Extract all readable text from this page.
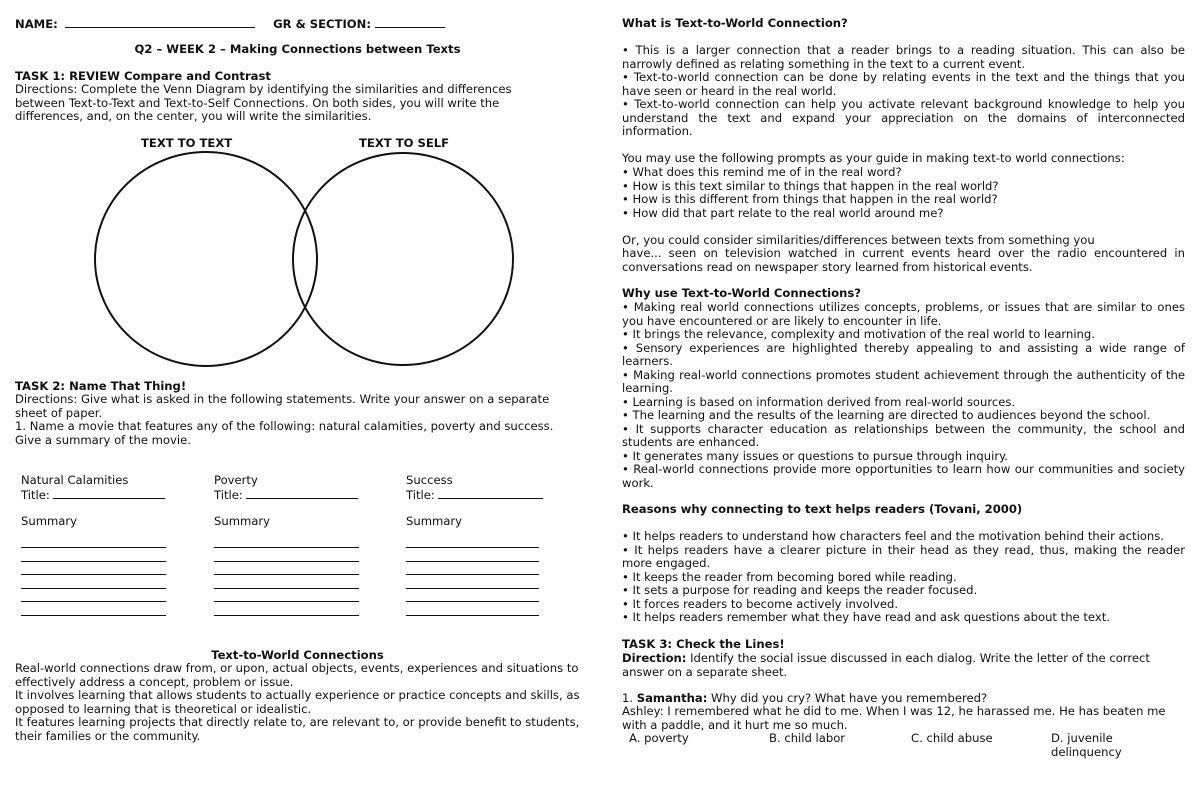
NAME:	GR & SECTION:
Q2 – WEEK 2 – Making Connections between Texts
TASK 1: REVIEW Compare and Contrast
Directions: Complete the Venn Diagram by identifying the similarities and differences between Text-to-Text and Text-to-Self Connections. On both sides, you will write the differences, and, on the center, you will write the similarities.
TEXT TO TEXT	TEXT TO SELF
TASK 2: Name That Thing!
Directions: Give what is asked in the following statements. Write your answer on a separate sheet of paper.
1. Name a movie that features any of the following: natural calamities, poverty and success. Give a summary of the movie.
Natural Calamities
Title:
Summary
Poverty
Title:
Summary
Success
Title:
Summary
Text-to-World Connections
Real-world connections draw from, or upon, actual objects, events, experiences and situations to effectively address a concept, problem or issue.
It involves learning that allows students to actually experience or practice concepts and skills, as opposed to learning that is theoretical or idealistic.
It features learning projects that directly relate to, are relevant to, or provide benefit to students, their families or the community.
What is Text-to-World Connection?
• This is a larger connection that a reader brings to a reading situation. This can also be narrowly defined as relating something in the text to a current event.
• Text-to-world connection can be done by relating events in the text and the things that you have seen or heard in the real world.
• Text-to-world connection can help you activate relevant background knowledge to help you understand the text and expand your appreciation on the domains of interconnected information.
You may use the following prompts as your guide in making text-to world connections:
• What does this remind me of in the real word?
• How is this text similar to things that happen in the real world?
• How is this different from things that happen in the real world?
• How did that part relate to the real world around me?
Or, you could consider similarities/differences between texts from something you
have... seen on television watched in current events heard over the radio encountered in conversations read on newspaper story learned from historical events.
Why use Text-to-World Connections?
• Making real world connections utilizes concepts, problems, or issues that are similar to ones you have encountered or are likely to encounter in life.
• It brings the relevance, complexity and motivation of the real world to learning.
• Sensory experiences are highlighted thereby appealing to and assisting a wide range of learners.
• Making real-world connections promotes student achievement through the authenticity of the learning.
• Learning is based on information derived from real-world sources.
• The learning and the results of the learning are directed to audiences beyond the school.
• It supports character education as relationships between the community, the school and students are enhanced.
• It generates many issues or questions to pursue through inquiry.
• Real-world connections provide more opportunities to learn how our communities and society work.
Reasons why connecting to text helps readers (Tovani, 2000)
• It helps readers to understand how characters feel and the motivation behind their actions.
• It helps readers have a clearer picture in their head as they read, thus, making the reader more engaged.
• It keeps the reader from becoming bored while reading.
• It sets a purpose for reading and keeps the reader focused.
• It forces readers to become actively involved.
• It helps readers remember what they have read and ask questions about the text.
TASK 3: Check the Lines!
Direction: Identify the social issue discussed in each dialog. Write the letter of the correct answer on a separate sheet.
1. Samantha: Why did you cry? What have you remembered?
Ashley: I remembered what he did to me. When I was 12, he harassed me. He has beaten me with a paddle, and it hurt me so much.
A. poverty	B. child labor	C. child abuse	D. juvenile delinquency
